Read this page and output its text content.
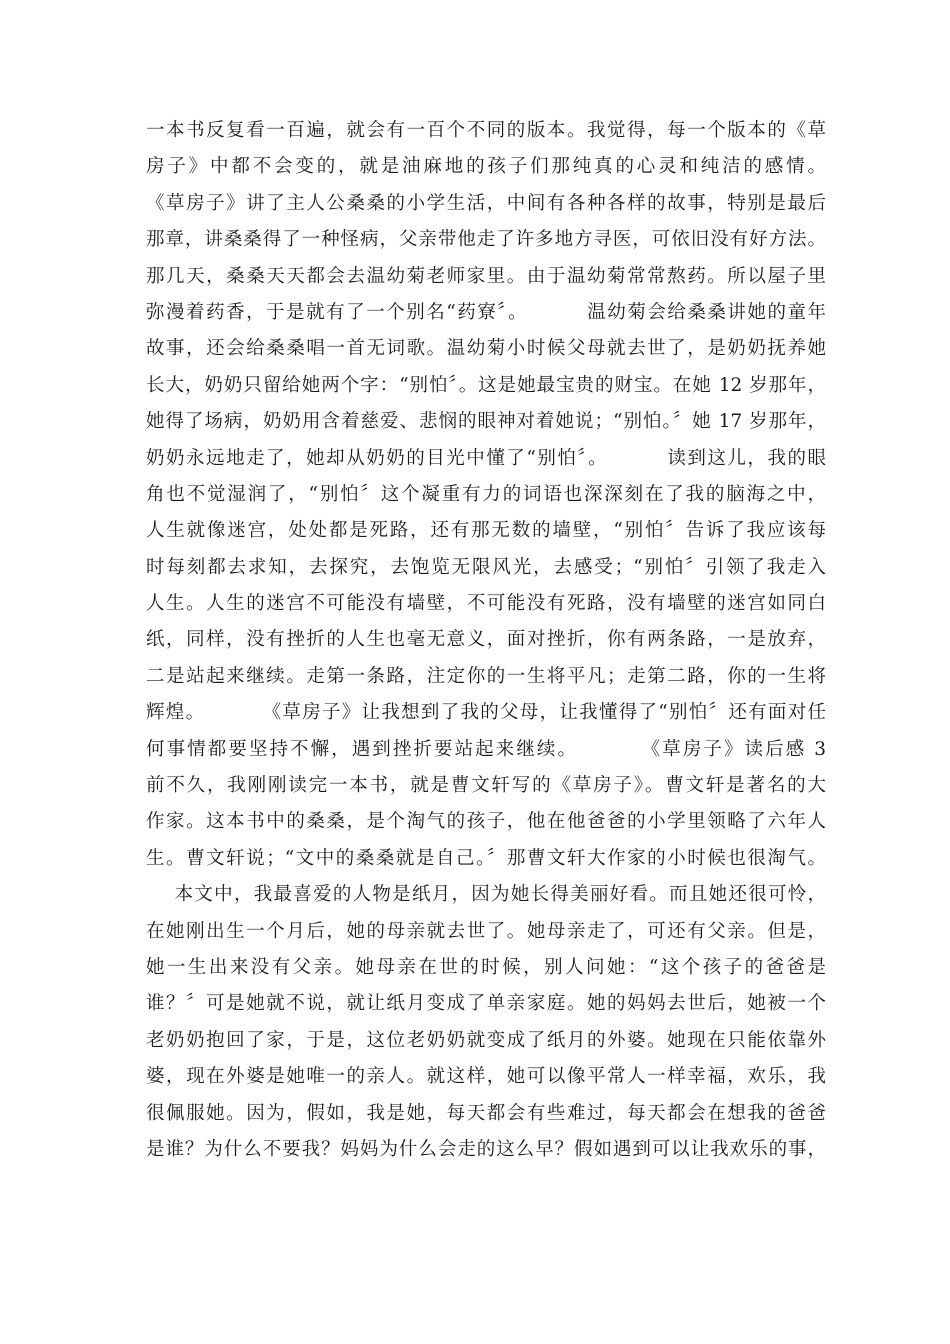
一本书反复看一百遍，就会有一百个不同的版本。我觉得，每一个版本的《草
房子》中都不会变的，就是油麻地的孩子们那纯真的心灵和纯洁的感情。
《草房子》讲了主人公桑桑的小学生活，中间有各种各样的故事，特别是最后
那章，讲桑桑得了一种怪病，父亲带他走了许多地方寻医，可依旧没有好方法。
那几天，桑桑天天都会去温幼菊老师家里。由于温幼菊常常熬药。所以屋子里
弥漫着药香，于是就有了一个别名“药寮〞。        温幼菊会给桑桑讲她的童年
故事，还会给桑桑唱一首无词歌。温幼菊小时候父母就去世了，是奶奶抚养她
长大，奶奶只留给她两个字：“别怕〞。这是她最宝贵的财宝。在她 12 岁那年，
她得了场病，奶奶用含着慈爱、悲悯的眼神对着她说；“别怕。〞她 17 岁那年，
奶奶永远地走了，她却从奶奶的目光中懂了“别怕〞。        读到这儿，我的眼
角也不觉湿润了，“别怕〞这个凝重有力的词语也深深刻在了我的脑海之中，
人生就像迷宫，处处都是死路，还有那无数的墙壁，“别怕〞告诉了我应该每
时每刻都去求知，去探究，去饱览无限风光，去感受；“别怕〞引领了我走入
人生。人生的迷宫不可能没有墙壁，不可能没有死路，没有墙壁的迷宫如同白
纸，同样，没有挫折的人生也毫无意义，面对挫折，你有两条路，一是放弃，
二是站起来继续。走第一条路，注定你的一生将平凡；走第二路，你的一生将
辉煌。        《草房子》让我想到了我的父母，让我懂得了“别怕〞还有面对任
何事情都要坚持不懈，遇到挫折要站起来继续。        《草房子》读后感 3
前不久，我刚刚读完一本书，就是曹文轩写的《草房子》。曹文轩是著名的大
作家。这本书中的桑桑，是个淘气的孩子，他在他爸爸的小学里领略了六年人
生。曹文轩说；“文中的桑桑就是自己。〞那曹文轩大作家的小时候也很淘气。
本文中，我最喜爱的人物是纸月，因为她长得美丽好看。而且她还很可怜，
在她刚出生一个月后，她的母亲就去世了。她母亲走了，可还有父亲。但是，
她一生出来没有父亲。她母亲在世的时候，别人问她：“这个孩子的爸爸是
谁？〞可是她就不说，就让纸月变成了单亲家庭。她的妈妈去世后，她被一个
老奶奶抱回了家，于是，这位老奶奶就变成了纸月的外婆。她现在只能依靠外
婆，现在外婆是她唯一的亲人。就这样，她可以像平常人一样幸福，欢乐，我
很佩服她。因为，假如，我是她，每天都会有些难过，每天都会在想我的爸爸
是谁？为什么不要我？妈妈为什么会走的这么早？假如遇到可以让我欢乐的事，
